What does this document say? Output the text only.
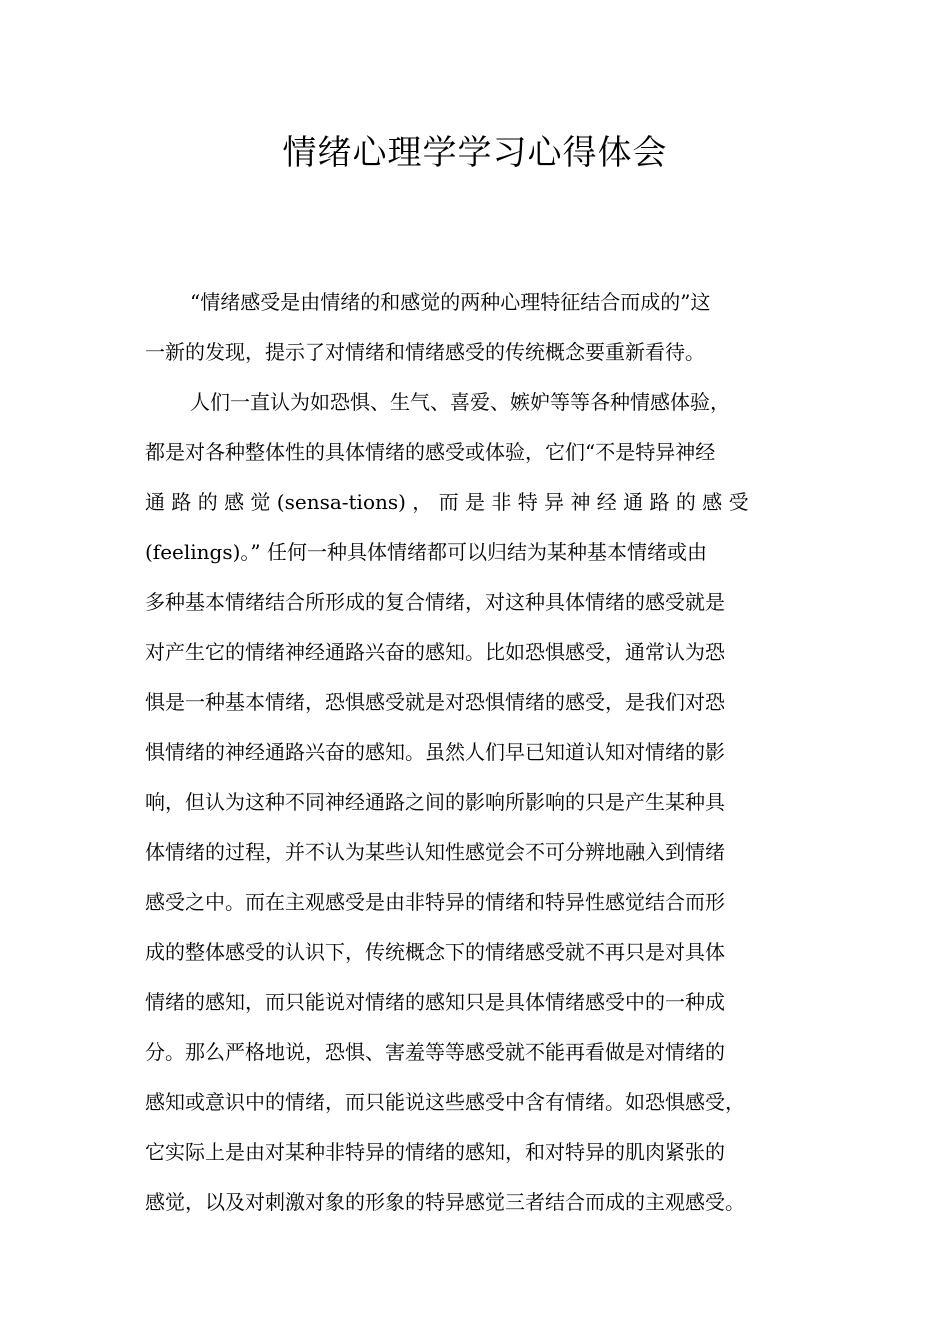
情绪心理学学习心得体会
“情绪感受是由情绪的和感觉的两种心理特征结合而成的”这
一新的发现，提示了对情绪和情绪感受的传统概念要重新看待。
人们一直认为如恐惧、生气、喜爱、嫉妒等等各种情感体验，
都是对各种整体性的具体情绪的感受或体验，它们“不是特异神经
通 路 的 感 觉 (sensa-tions) ， 而 是 非 特 异 神 经 通 路 的 感 受
(feelings)。” 任何一种具体情绪都可以归结为某种基本情绪或由
多种基本情绪结合所形成的复合情绪，对这种具体情绪的感受就是
对产生它的情绪神经通路兴奋的感知。比如恐惧感受，通常认为恐
惧是一种基本情绪，恐惧感受就是对恐惧情绪的感受，是我们对恐
惧情绪的神经通路兴奋的感知。虽然人们早已知道认知对情绪的影
响，但认为这种不同神经通路之间的影响所影响的只是产生某种具
体情绪的过程，并不认为某些认知性感觉会不可分辨地融入到情绪
感受之中。而在主观感受是由非特异的情绪和特异性感觉结合而形
成的整体感受的认识下，传统概念下的情绪感受就不再只是对具体
情绪的感知，而只能说对情绪的感知只是具体情绪感受中的一种成
分。那么严格地说，恐惧、害羞等等感受就不能再看做是对情绪的
感知或意识中的情绪，而只能说这些感受中含有情绪。如恐惧感受，
它实际上是由对某种非特异的情绪的感知，和对特异的肌肉紧张的
感觉，以及对刺激对象的形象的特异感觉三者结合而成的主观感受。
